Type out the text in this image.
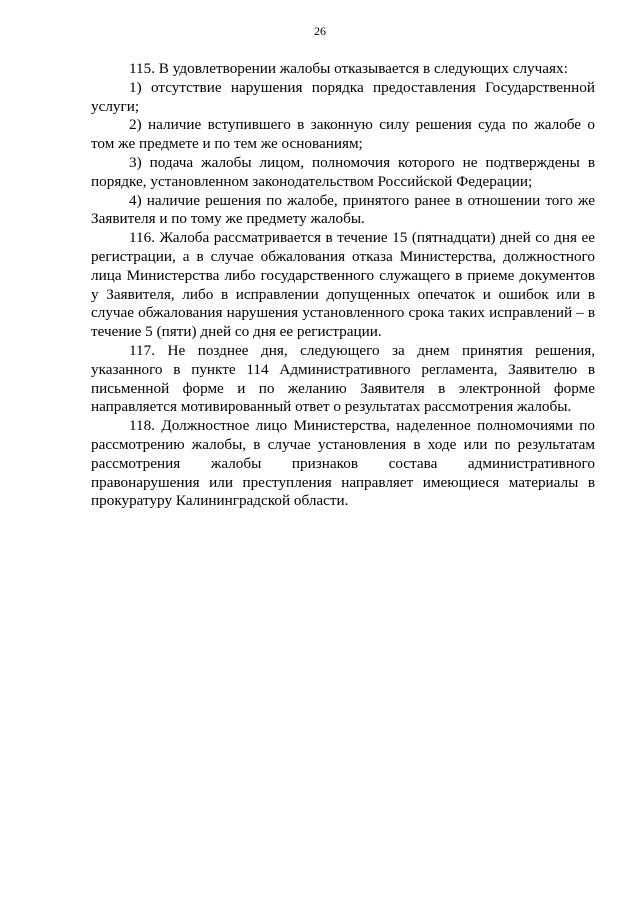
26

115. В удовлетворении жалобы отказывается в следующих случаях:

1) отсутствие нарушения порядка предоставления Государственной услуги;

2) наличие вступившего в законную силу решения суда по жалобе о том же предмете и по тем же основаниям;

3) подача жалобы лицом, полномочия которого не подтверждены в порядке, установленном законодательством Российской Федерации;

4) наличие решения по жалобе, принятого ранее в отношении того же Заявителя и по тому же предмету жалобы.

116. Жалоба рассматривается в течение 15 (пятнадцати) дней со дня ее регистрации, а в случае обжалования отказа Министерства, должностного лица Министерства либо государственного служащего в приеме документов у Заявителя, либо в исправлении допущенных опечаток и ошибок или в случае обжалования нарушения установленного срока таких исправлений – в течение 5 (пяти) дней со дня ее регистрации.

117. Не позднее дня, следующего за днем принятия решения, указанного в пункте 114 Административного регламента, Заявителю в письменной форме и по желанию Заявителя в электронной форме направляется мотивированный ответ о результатах рассмотрения жалобы.

118. Должностное лицо Министерства, наделенное полномочиями по рассмотрению жалобы, в случае установления в ходе или по результатам рассмотрения жалобы признаков состава административного правонарушения или преступления направляет имеющиеся материалы в прокуратуру Калининградской области.
